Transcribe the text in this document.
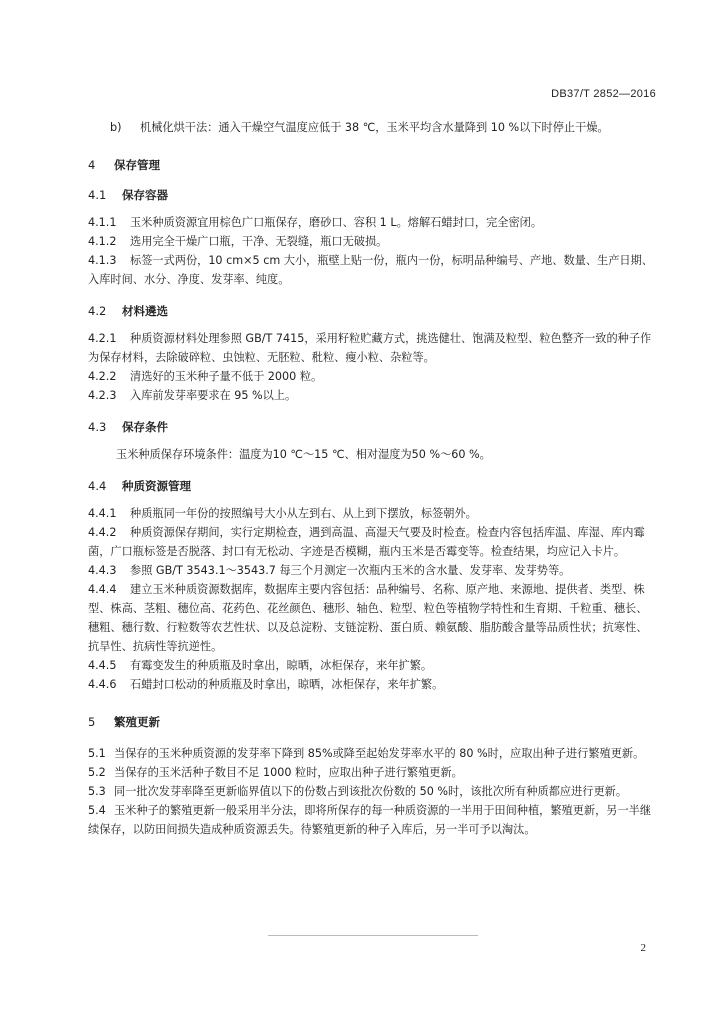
DB37/T 2852—2016

b) 机械化烘干法：通入干燥空气温度应低于 38 ℃，玉米平均含水量降到 10 %以下时停止干燥。

4 保存管理
4.1 保存容器

4.1.1 玉米种质资源宜用棕色广口瓶保存，磨砂口、容积 1 L。熔解石蜡封口，完全密闭。

4.1.2 选用完全干燥广口瓶，干净、无裂缝，瓶口无破损。

4.1.3 标签一式两份，10 cm×5 cm 大小，瓶壁上贴一份，瓶内一份，标明品种编号、产地、数量、生产日期、入库时间、水分、净度、发芽率、纯度。

4.2 材料遴选

4.2.1 种质资源材料处理参照 GB/T 7415，采用籽粒贮藏方式，挑选健壮、饱满及粒型、粒色整齐一致的种子作为保存材料，去除破碎粒、虫蚀粒、无胚粒、秕粒、瘦小粒、杂粒等。

4.2.2 清选好的玉米种子量不低于 2000 粒。

4.2.3 入库前发芽率要求在 95 %以上。

4.3 保存条件

玉米种质保存环境条件：温度为10 ℃～15 ℃、相对湿度为50 %～60 %。

4.4 种质资源管理

4.4.1 种质瓶同一年份的按照编号大小从左到右、从上到下摆放，标签朝外。

4.4.2 种质资源保存期间，实行定期检查，遇到高温、高湿天气要及时检查。检查内容包括库温、库湿、库内霉菌，广口瓶标签是否脱落、封口有无松动、字迹是否模糊，瓶内玉米是否霉变等。检查结果，均应记入卡片。

4.4.3 参照 GB/T 3543.1～3543.7 每三个月测定一次瓶内玉米的含水量、发芽率、发芽势等。

4.4.4 建立玉米种质资源数据库，数据库主要内容包括：品种编号、名称、原产地、来源地、提供者、类型、株型、株高、茎粗、穗位高、花药色、花丝颜色、穗形、轴色、粒型、粒色等植物学特性和生育期、千粒重、穗长、穗粗、穗行数、行粒数等农艺性状、以及总淀粉、支链淀粉、蛋白质、赖氨酸、脂肪酸含量等品质性状；抗寒性、抗旱性、抗病性等抗逆性。

4.4.5 有霉变发生的种质瓶及时拿出，晾晒，冰柜保存，来年扩繁。

4.4.6 石蜡封口松动的种质瓶及时拿出，晾晒，冰柜保存，来年扩繁。

5 繁殖更新

5.1 当保存的玉米种质资源的发芽率下降到 85%或降至起始发芽率水平的 80 %时，应取出种子进行繁殖更新。

5.2 当保存的玉米活种子数目不足 1000 粒时，应取出种子进行繁殖更新。

5.3 同一批次发芽率降至更新临界值以下的份数占到该批次份数的 50 %时，该批次所有种质都应进行更新。

5.4 玉米种子的繁殖更新一般采用半分法，即将所保存的每一种质资源的一半用于田间种植，繁殖更新，另一半继续保存，以防田间损失造成种质资源丢失。待繁殖更新的种子入库后，另一半可予以淘汰。

2
